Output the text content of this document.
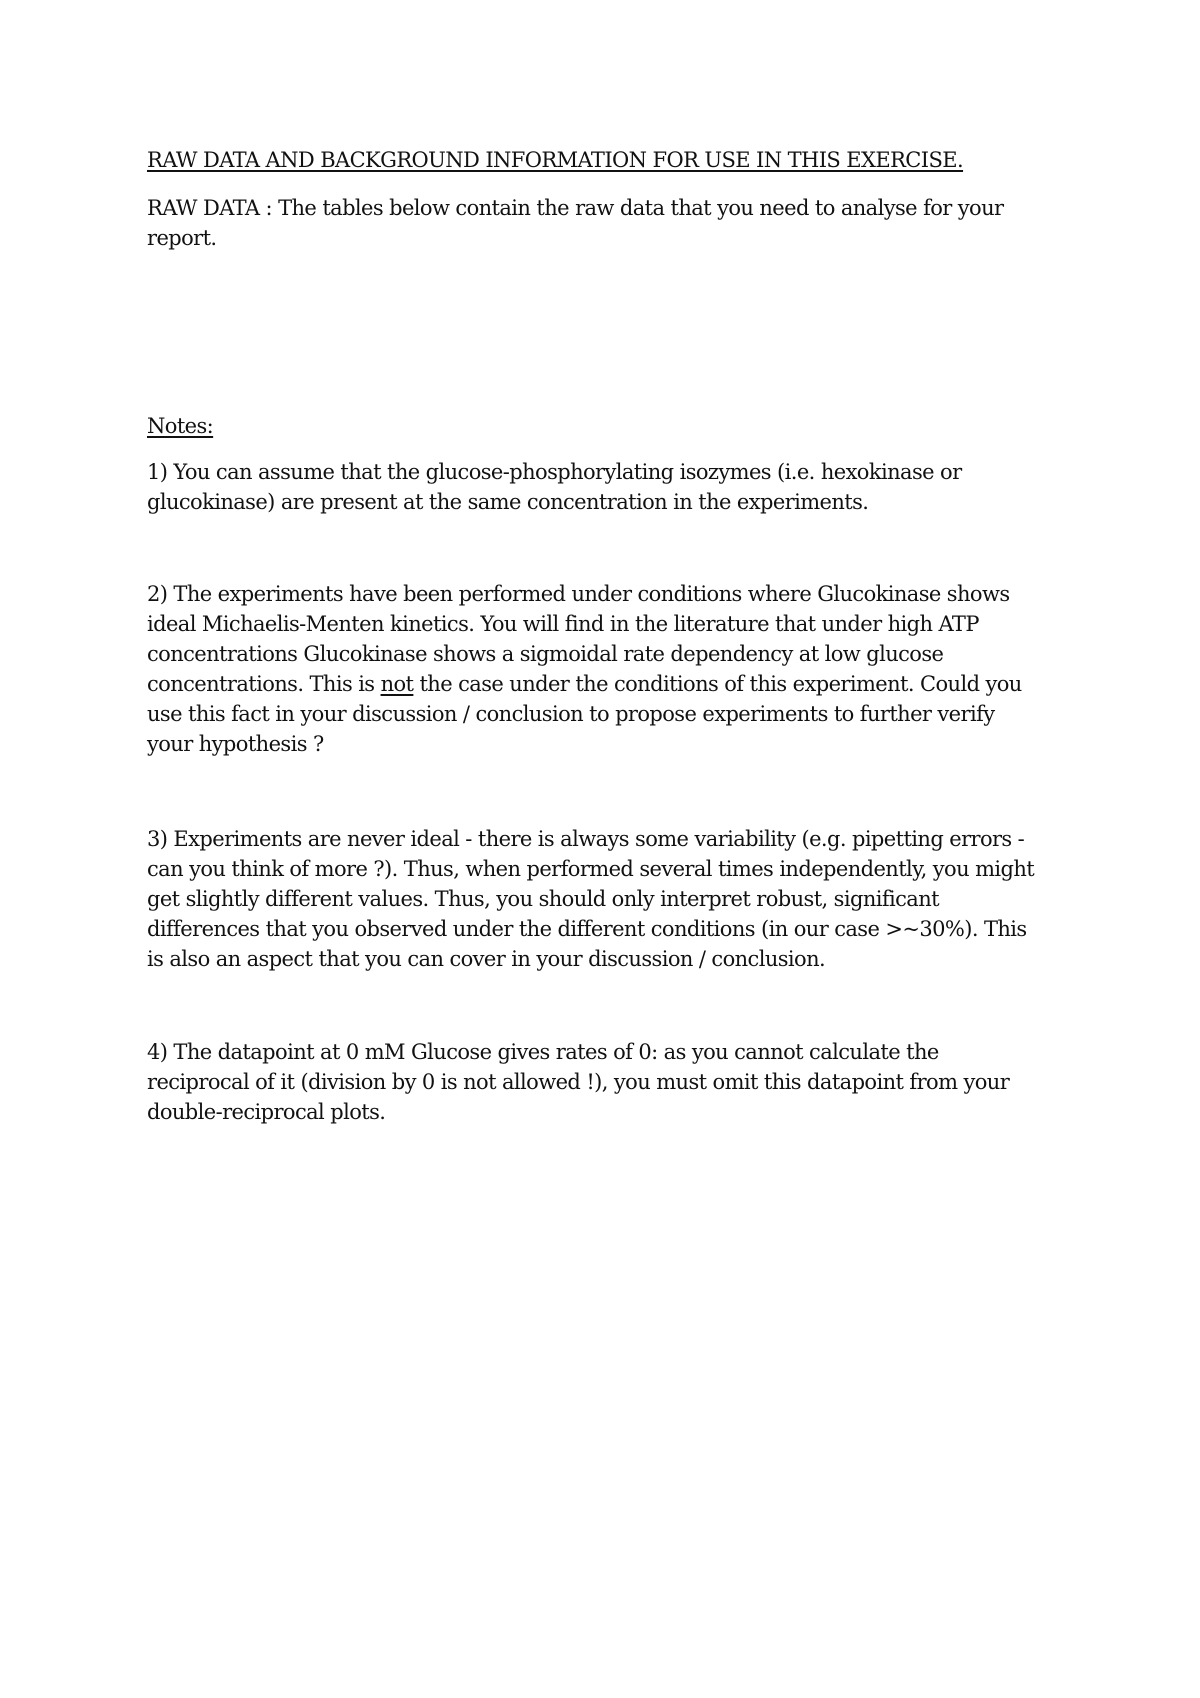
RAW DATA AND BACKGROUND INFORMATION FOR USE IN THIS EXERCISE.

RAW DATA : The tables below contain the raw data that you need to analyse for your
report.

Notes:

1) You can assume that the glucose-phosphorylating isozymes (i.e. hexokinase or
glucokinase) are present at the same concentration in the experiments.

2) The experiments have been performed under conditions where Glucokinase shows
ideal Michaelis-Menten kinetics. You will find in the literature that under high ATP
concentrations Glucokinase shows a sigmoidal rate dependency at low glucose
concentrations. This is not the case under the conditions of this experiment. Could you
use this fact in your discussion / conclusion to propose experiments to further verify
your hypothesis ?

3) Experiments are never ideal - there is always some variability (e.g. pipetting errors -
can you think of more ?). Thus, when performed several times independently, you might
get slightly different values. Thus, you should only interpret robust, significant
differences that you observed under the different conditions (in our case >~30%). This
is also an aspect that you can cover in your discussion / conclusion.

4) The datapoint at 0 mM Glucose gives rates of 0: as you cannot calculate the
reciprocal of it (division by 0 is not allowed !), you must omit this datapoint from your
double-reciprocal plots.
